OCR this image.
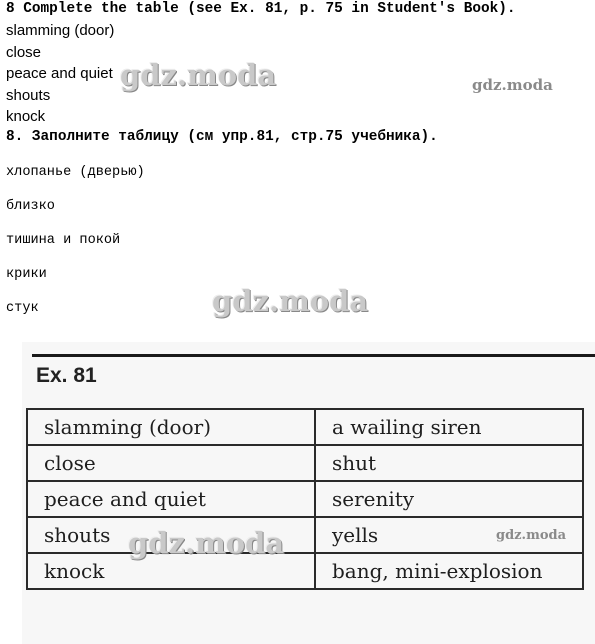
8 Complete the table (see Ex. 81, p. 75 in Student's Book).
slamming (door)
close
peace and quiet
shouts
knock
8. Заполните таблицу (см упр.81, стр.75 учебника).
хлопанье (дверью)
близко
тишина и покой
крики
стук
Ex. 81
slamming (door)	a wailing siren
close	shut
peace and quiet	serenity
shouts	yells
knock	bang, mini-explosion
gdz.moda	gdz.moda
gdz.moda
gdz.moda	gdz.moda
